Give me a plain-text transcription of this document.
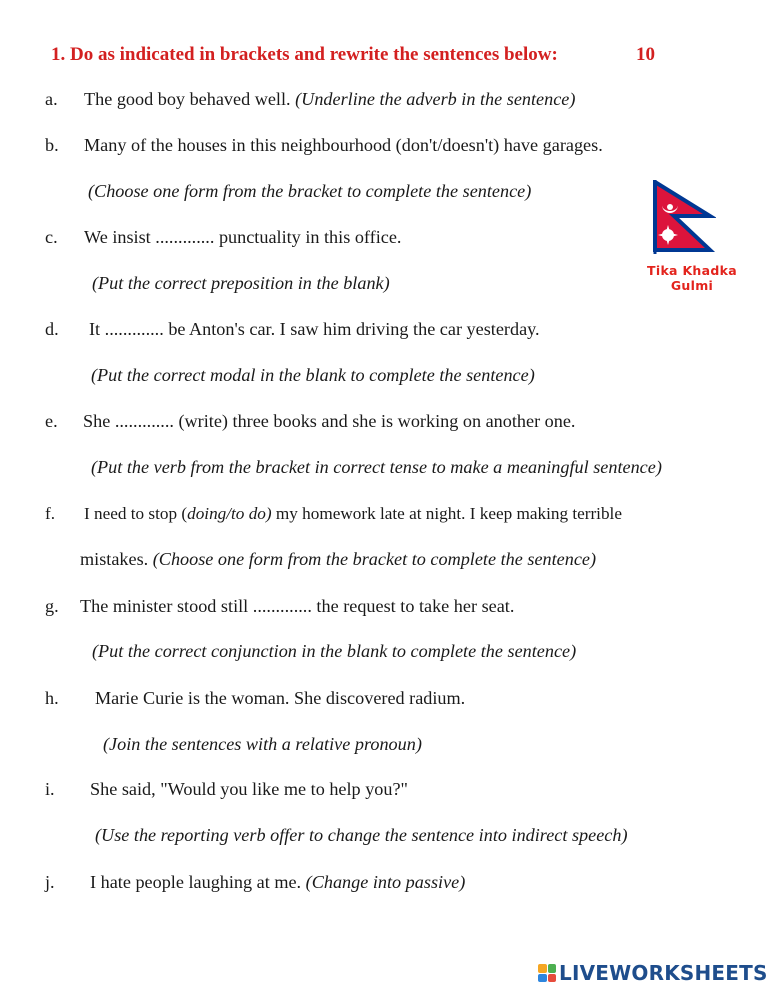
1. Do as indicated in brackets and rewrite the sentences below:	10
a. The good boy behaved well. (Underline the adverb in the sentence)
b. Many of the houses in this neighbourhood (don't/doesn't) have garages.
(Choose one form from the bracket to complete the sentence)
c. We insist ............. punctuality in this office.
(Put the correct preposition in the blank)
d. It ............. be Anton's car. I saw him driving the car yesterday.
(Put the correct modal in the blank to complete the sentence)
e. She ............. (write) three books and she is working on another one.
(Put the verb from the bracket in correct tense to make a meaningful sentence)
f. I need to stop (doing/to do) my homework late at night. I keep making terrible
mistakes. (Choose one form from the bracket to complete the sentence)
g. The minister stood still ............. the request to take her seat.
(Put the correct conjunction in the blank to complete the sentence)
h. Marie Curie is the woman. She discovered radium.
(Join the sentences with a relative pronoun)
i. She said, "Would you like me to help you?"
(Use the reporting verb offer to change the sentence into indirect speech)
j. I hate people laughing at me. (Change into passive)
Tika Khadka
Gulmi
LIVEWORKSHEETS
